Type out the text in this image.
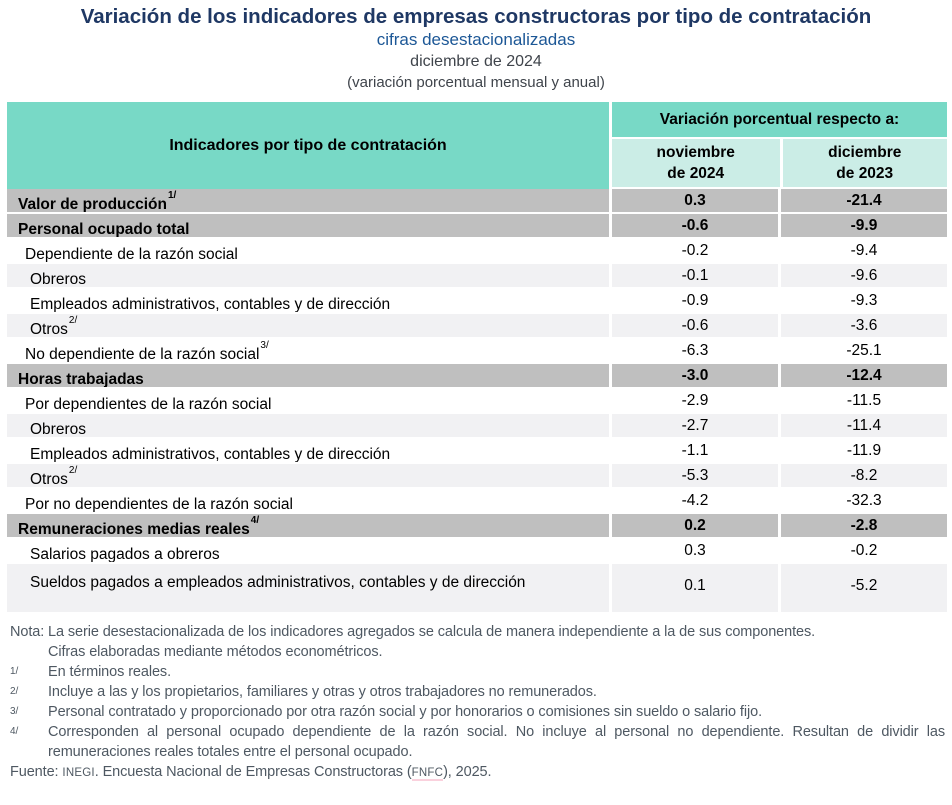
Variación de los indicadores de empresas constructoras por tipo de contratación
cifras desestacionalizadas
diciembre de 2024
(variación porcentual mensual y anual)
Indicadores por tipo de contratación
Variación porcentual respecto a:
noviembre
de 2024
diciembre
de 2023
Valor de producción$^{1/}$	0.3	-21.4
Personal ocupado total	-0.6	-9.9
Dependiente de la razón social	-0.2	-9.4
Obreros	-0.1	-9.6
Empleados administrativos, contables y de dirección	-0.9	-9.3
Otros$^{2/}$	-0.6	-3.6
No dependiente de la razón social$^{3/}$	-6.3	-25.1
Horas trabajadas	-3.0	-12.4
Por dependientes de la razón social	-2.9	-11.5
Obreros	-2.7	-11.4
Empleados administrativos, contables y de dirección	-1.1	-11.9
Otros$^{2/}$	-5.3	-8.2
Por no dependientes de la razón social	-4.2	-32.3
Remuneraciones medias reales$^{4/}$	0.2	-2.8
Salarios pagados a obreros	0.3	-0.2
Sueldos pagados a empleados administrativos, contables y de dirección	0.1	-5.2
Nota: La serie desestacionalizada de los indicadores agregados se calcula de manera independiente a la de sus componentes.
Cifras elaboradas mediante métodos econométricos.
1/	En términos reales.
2/	Incluye a las y los propietarios, familiares y otras y otros trabajadores no remunerados.
3/	Personal contratado y proporcionado por otra razón social y por honorarios o comisiones sin sueldo o salario fijo.
4/	Corresponden al personal ocupado dependiente de la razón social. No incluye al personal no dependiente. Resultan de dividir las remuneraciones reales totales entre el personal ocupado.
Fuente: INEGI. Encuesta Nacional de Empresas Constructoras (FNFC), 2025.
